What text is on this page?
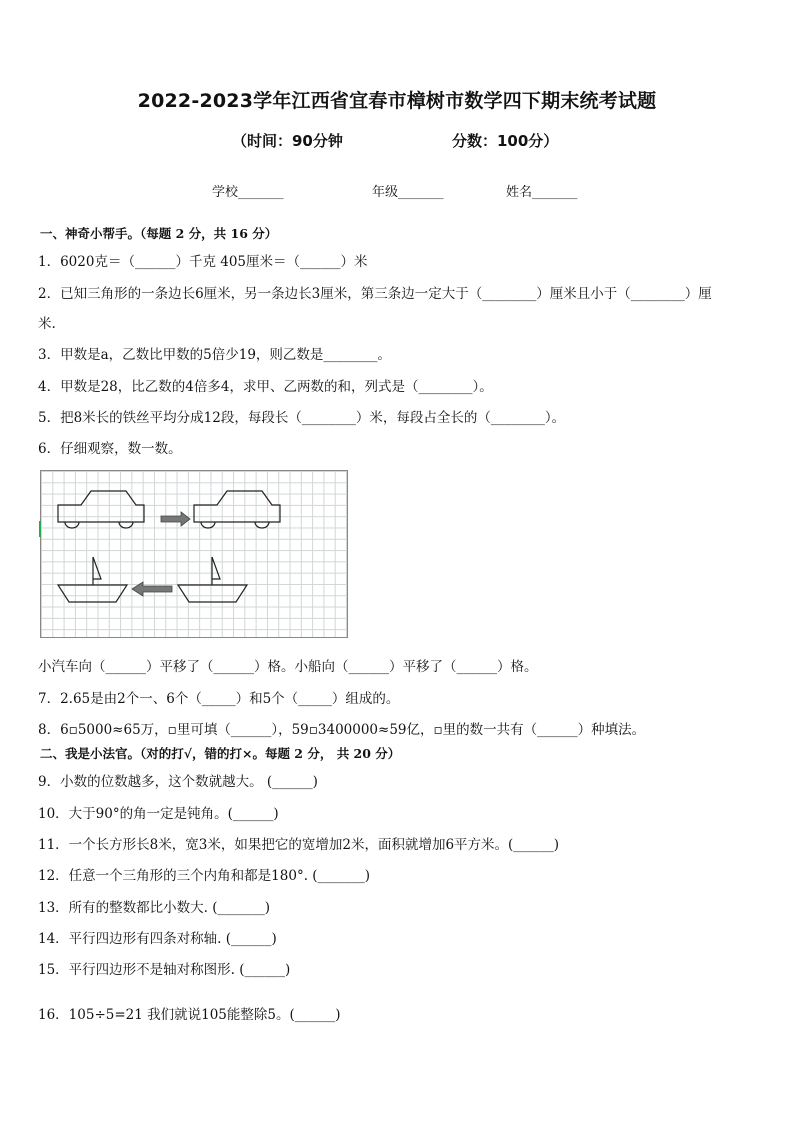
2022-2023学年江西省宜春市樟树市数学四下期末统考试题
（时间：90分钟	分数：100分）
学校_______	年级_______	姓名_______
一、神奇小帮手。（每题 2 分，共 16 分）
1．6020克＝（______）千克 405厘米＝（______）米
2．已知三角形的一条边长6厘米，另一条边长3厘米，第三条边一定大于（________）厘米且小于（________）厘
米.
3．甲数是a，乙数比甲数的5倍少19，则乙数是________。
4．甲数是28，比乙数的4倍多4，求甲、乙两数的和，列式是（________）。
5．把8米长的铁丝平均分成12段，每段长（________）米，每段占全长的（________）。
6．仔细观察，数一数。
小汽车向（______）平移了（______）格。小船向（______）平移了（______）格。
7．2.65是由2个一、6个（_____）和5个（_____）组成的。
8．6▫5000≈65万，▫里可填（______），59▫3400000≈59亿，▫里的数一共有（______）种填法。
二、我是小法官。（对的打√，错的打×。每题 2 分， 共 20 分）
9．小数的位数越多，这个数就越大。 (______)
10．大于90°的角一定是钝角。(______)
11．一个长方形长8米，宽3米，如果把它的宽增加2米，面积就增加6平方米。(______)
12．任意一个三角形的三个内角和都是180°. (_______)
13．所有的整数都比小数大. (_______)
14．平行四边形有四条对称轴. (______)
15．平行四边形不是轴对称图形. (______)
16．105÷5=21 我们就说105能整除5。(______)
